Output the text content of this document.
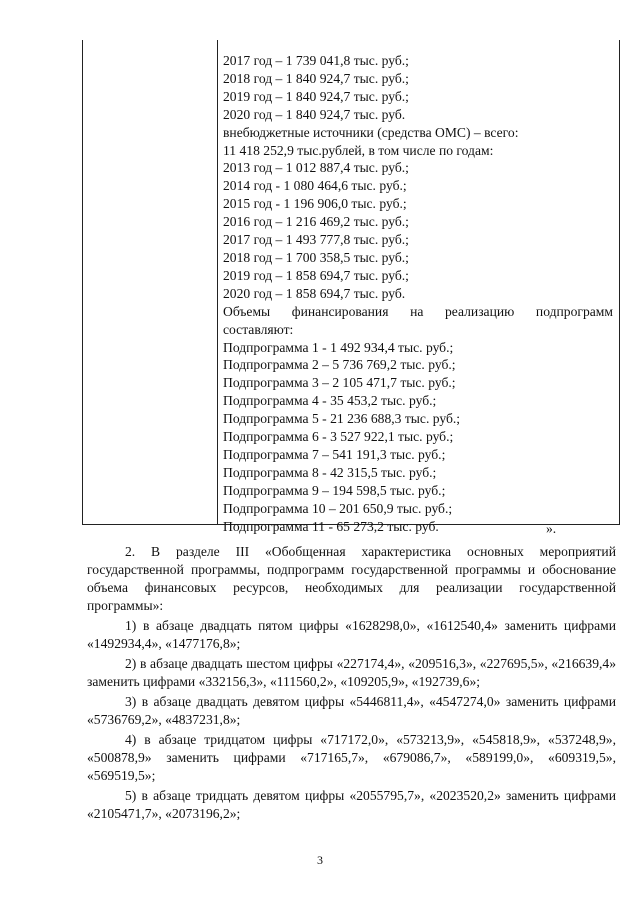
2017 год – 1 739 041,8 тыс. руб.;
2018 год – 1 840 924,7 тыс. руб.;
2019 год – 1 840 924,7 тыс. руб.;
2020 год – 1 840 924,7 тыс. руб.
внебюджетные источники (средства ОМС) – всего:
11 418 252,9 тыс.рублей, в том числе по годам:
2013 год – 1 012 887,4 тыс. руб.;
2014 год - 1 080 464,6 тыс. руб.;
2015 год - 1 196 906,0 тыс. руб.;
2016 год – 1 216 469,2 тыс. руб.;
2017 год – 1 493 777,8 тыс. руб.;
2018 год – 1 700 358,5 тыс. руб.;
2019 год – 1 858 694,7 тыс. руб.;
2020 год – 1 858 694,7 тыс. руб.
Объемы финансирования на реализацию подпрограмм
составляют:
Подпрограмма 1 - 1 492 934,4 тыс. руб.;
Подпрограмма 2 – 5 736 769,2 тыс. руб.;
Подпрограмма 3 – 2 105 471,7 тыс. руб.;
Подпрограмма 4 - 35 453,2 тыс. руб.;
Подпрограмма 5 - 21 236 688,3 тыс. руб.;
Подпрограмма 6 - 3 527 922,1 тыс. руб.;
Подпрограмма 7 – 541 191,3 тыс. руб.;
Подпрограмма 8 - 42 315,5 тыс. руб.;
Подпрограмма 9 – 194 598,5 тыс. руб.;
Подпрограмма 10 – 201 650,9 тыс. руб.;
Подпрограмма 11 - 65 273,2 тыс. руб.	».

2. В разделе III «Обобщенная характеристика основных мероприятий государственной программы, подпрограмм государственной программы и обоснование объема финансовых ресурсов, необходимых для реализации государственной программы»:

1) в абзаце двадцать пятом цифры «1628298,0», «1612540,4» заменить цифрами «1492934,4», «1477176,8»;

2) в абзаце двадцать шестом цифры «227174,4», «209516,3», «227695,5», «216639,4» заменить цифрами «332156,3», «111560,2», «109205,9», «192739,6»;

3) в абзаце двадцать девятом цифры «5446811,4», «4547274,0» заменить цифрами «5736769,2», «4837231,8»;

4) в абзаце тридцатом цифры «717172,0», «573213,9», «545818,9», «537248,9», «500878,9» заменить цифрами «717165,7», «679086,7», «589199,0», «609319,5», «569519,5»;

5) в абзаце тридцать девятом цифры «2055795,7», «2023520,2» заменить цифрами «2105471,7», «2073196,2»;

3
